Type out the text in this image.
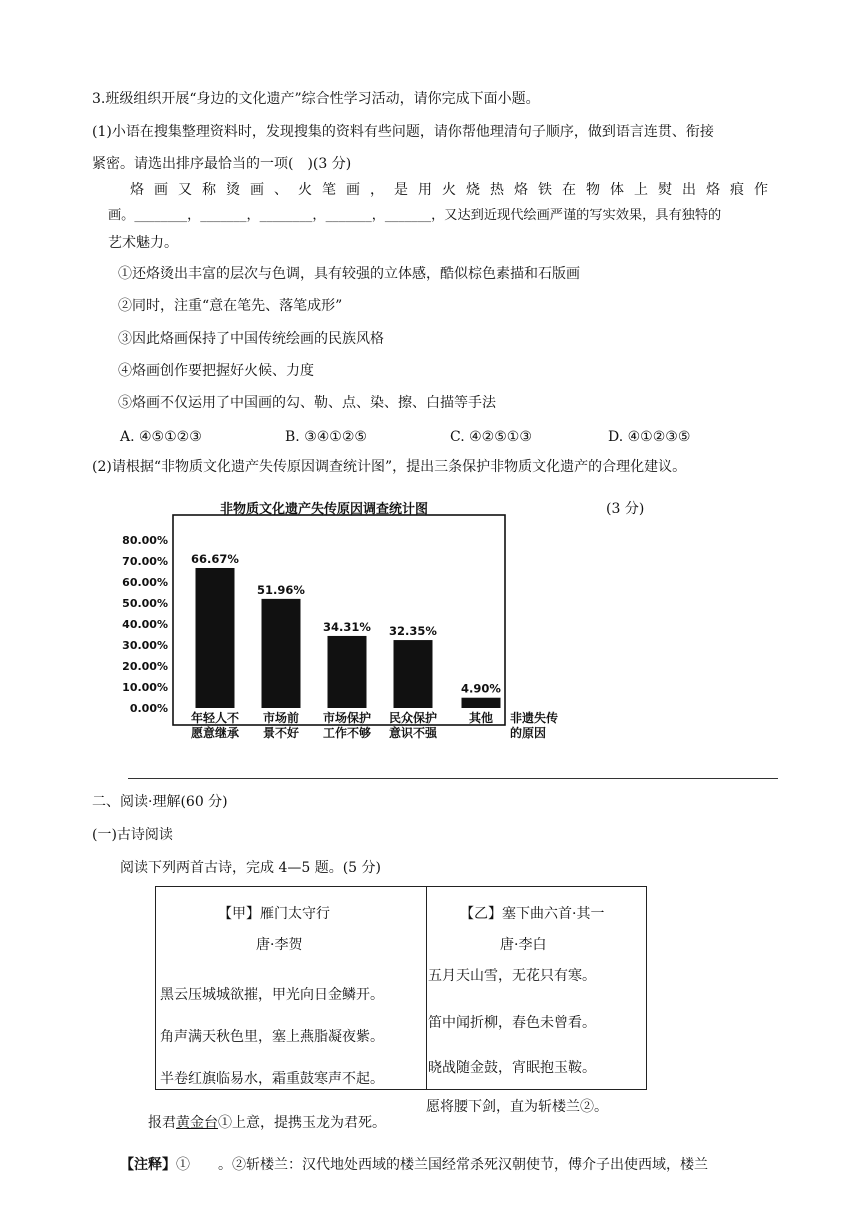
3.班级组织开展“身边的文化遗产”综合性学习活动，请你完成下面小题。
(1)小语在搜集整理资料时，发现搜集的资料有些问题，请你帮他理清句子顺序，做到语言连贯、衔接
紧密。请选出排序最恰当的一项(　)(3 分)
烙画又称烫画、火笔画，是用火烧热烙铁在物体上熨出烙痕作
画。________，_______，________，_______，_______，又达到近现代绘画严谨的写实效果，具有独特的
艺术魅力。
①还烙烫出丰富的层次与色调，具有较强的立体感，酷似棕色素描和石版画
②同时，注重“意在笔先、落笔成形”
③因此烙画保持了中国传统绘画的民族风格
④烙画创作要把握好火候、力度
⑤烙画不仅运用了中国画的勾、勒、点、染、擦、白描等手法
A. ④⑤①②③	B. ③④①②⑤	C. ④②⑤①③	D. ④①②③⑤
(2)请根据“非物质文化遗产失传原因调查统计图”，提出三条保护非物质文化遗产的合理化建议。
(3 分)
非物质文化遗产失传原因调查统计图
80.00%
70.00%
60.00%
50.00%
40.00%
30.00%
20.00%
10.00%
0.00%
66.67%
年轻人不
愿意继承
51.96%
市场前
景不好
34.31%
市场保护
工作不够
32.35%
民众保护
意识不强
4.90%
其他 非遗失传
的原因
二、阅读·理解(60 分)
(一)古诗阅读
阅读下列两首古诗，完成 4—5 题。(5 分)
【甲】雁门太守行
唐·李贺
黑云压城城欲摧，甲光向日金鳞开。
角声满天秋色里，塞上燕脂凝夜紫。
半卷红旗临易水，霜重鼓寒声不起。
报君黄金台①上意，提携玉龙为君死。
【乙】塞下曲六首·其一
唐·李白
五月天山雪，无花只有寒。
笛中闻折柳，春色未曾看。
晓战随金鼓，宵眠抱玉鞍。
愿将腰下剑，直为斩楼兰②。
【注释】①　　。②斩楼兰：汉代地处西域的楼兰国经常杀死汉朝使节，傅介子出使西域，楼兰
